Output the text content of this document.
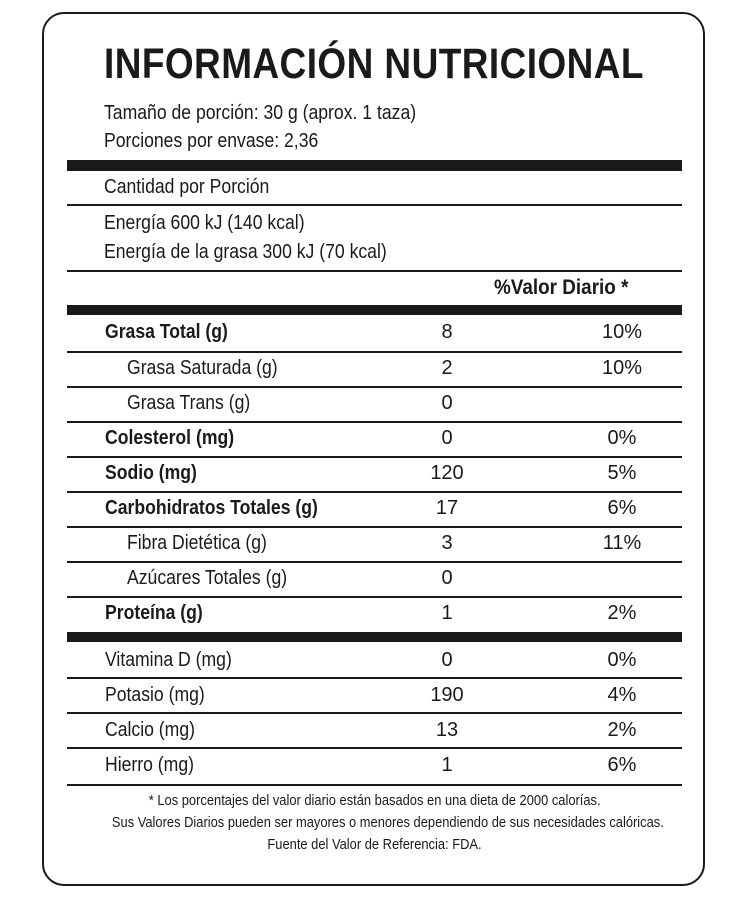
INFORMACIÓN NUTRICIONAL
Tamaño de porción: 30 g (aprox. 1 taza)
Porciones por envase: 2,36
Cantidad por Porción
Energía 600 kJ (140 kcal)
Energía de la grasa 300 kJ (70 kcal)
%Valor Diario *
Grasa Total (g)	8	10%
Grasa Saturada (g)	2	10%
Grasa Trans (g)	0
Colesterol (mg)	0	0%
Sodio (mg)	120	5%
Carbohidratos Totales (g)	17	6%
Fibra Dietética (g)	3	11%
Azúcares Totales (g)	0
Proteína (g)	1	2%
Vitamina D (mg)	0	0%
Potasio (mg)	190	4%
Calcio (mg)	13	2%
Hierro (mg)	1	6%
* Los porcentajes del valor diario están basados en una dieta de 2000 calorías.
Sus Valores Diarios pueden ser mayores o menores dependiendo de sus necesidades calóricas.
Fuente del Valor de Referencia: FDA.
